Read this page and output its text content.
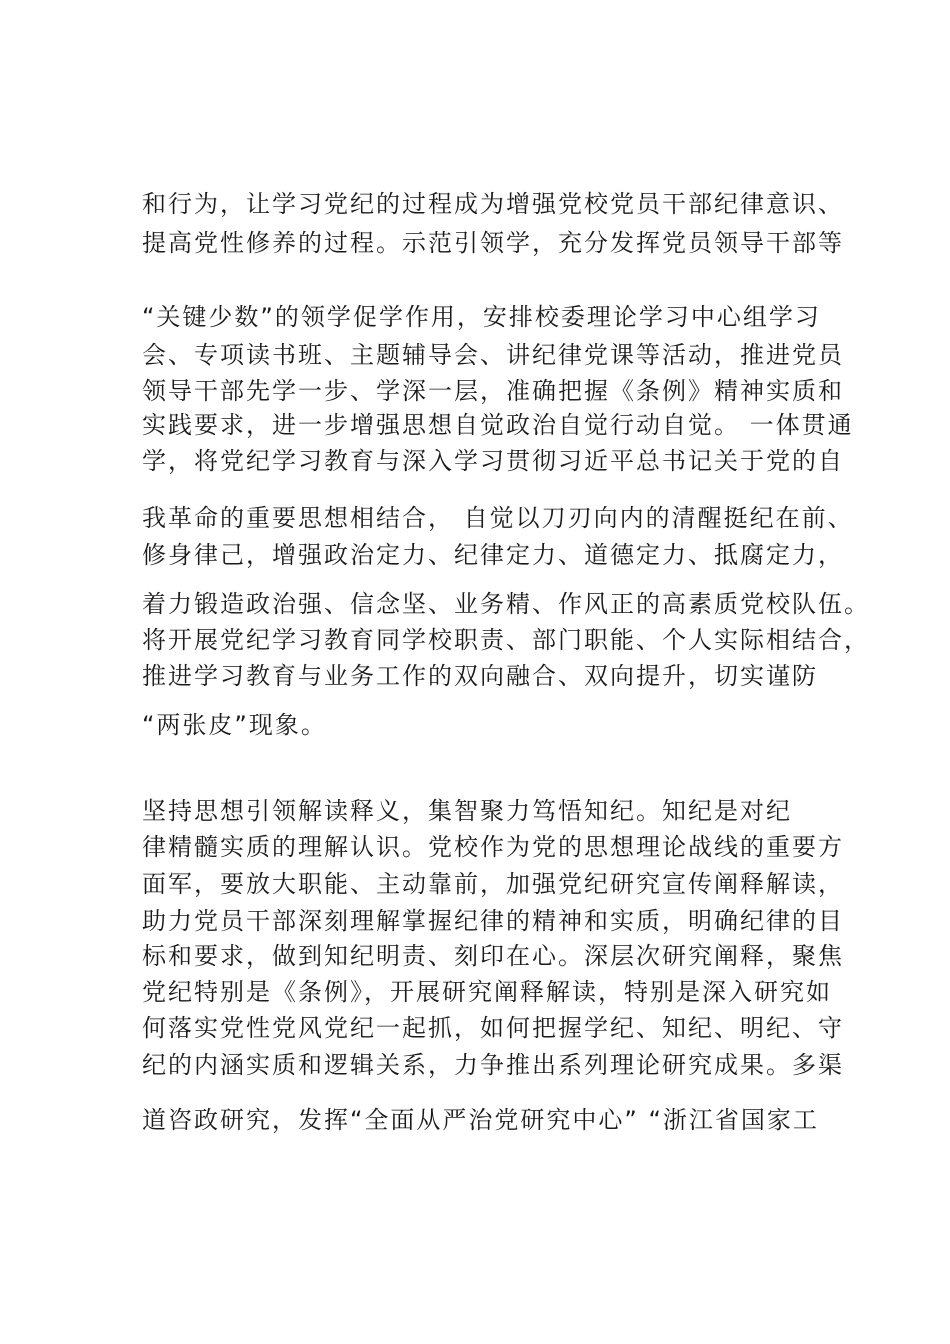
和行为，让学习党纪的过程成为增强党校党员干部纪律意识、
提高党性修养的过程。示范引领学，充分发挥党员领导干部等
“关键少数”的领学促学作用，安排校委理论学习中心组学习
会、专项读书班、主题辅导会、讲纪律党课等活动，推进党员
领导干部先学一步、学深一层，准确把握《条例》精神实质和
实践要求，进一步增强思想自觉政治自觉行动自觉。 一体贯通
学，将党纪学习教育与深入学习贯彻习近平总书记关于党的自
我革命的重要思想相结合， 自觉以刀刃向内的清醒挺纪在前、
修身律己，增强政治定力、纪律定力、道德定力、抵腐定力，
着力锻造政治强、信念坚、业务精、作风正的高素质党校队伍。
将开展党纪学习教育同学校职责、部门职能、个人实际相结合，
推进学习教育与业务工作的双向融合、双向提升，切实谨防
“两张皮”现象。
坚持思想引领解读释义，集智聚力笃悟知纪。知纪是对纪
律精髓实质的理解认识。党校作为党的思想理论战线的重要方
面军，要放大职能、主动靠前，加强党纪研究宣传阐释解读，
助力党员干部深刻理解掌握纪律的精神和实质，明确纪律的目
标和要求，做到知纪明责、刻印在心。深层次研究阐释，聚焦
党纪特别是《条例》，开展研究阐释解读，特别是深入研究如
何落实党性党风党纪一起抓，如何把握学纪、知纪、明纪、守
纪的内涵实质和逻辑关系，力争推出系列理论研究成果。多渠
道咨政研究，发挥“全面从严治党研究中心” “浙江省国家工
